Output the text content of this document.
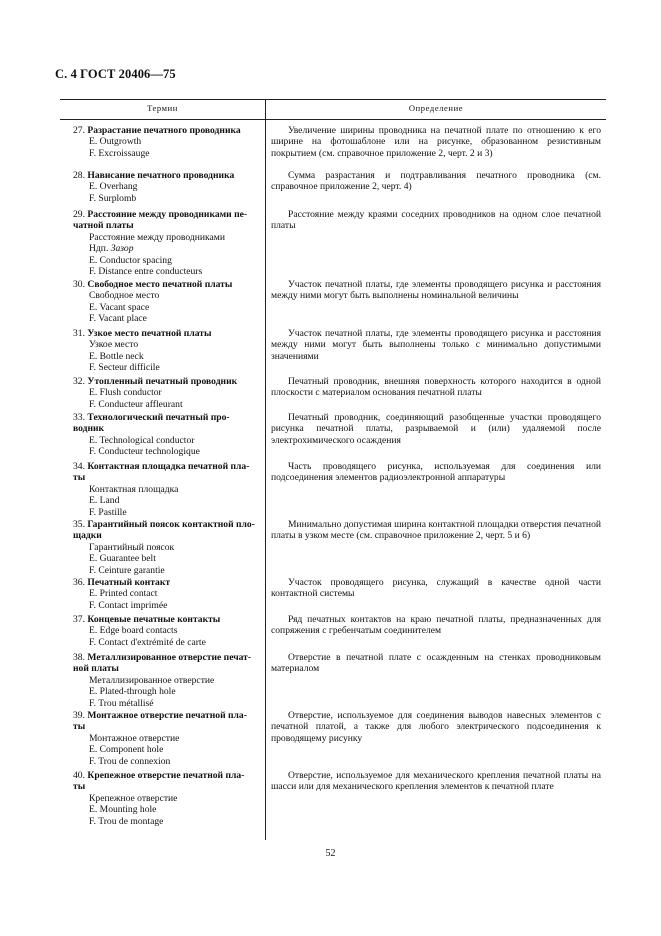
С. 4 ГОСТ 20406—75
Термин	Определение
27. Разрастание печатного проводника
E. Outgrowth
F. Excroissauge
Увеличение ширины проводника на печатной плате по отношению к его ширине на фотошаблоне или на рисунке, образованном резистивным покрытием (см. справочное приложение 2, черт. 2 и 3)
28. Нависание печатного проводника
E. Overhang
F. Surplomb
Сумма разрастания и подтравливания печатного проводника (см. справочное приложение 2, черт. 4)
29. Расстояние между проводниками пе-
чатной платы
Расстояние между проводниками
Ндп. Зазор
E. Conductor spacing
F. Distance entre conducteurs
Расстояние между краями соседних проводников на одном слое печатной платы
30. Свободное место печатной платы
Свободное место
E. Vacant space
F. Vacant place
Участок печатной платы, где элементы проводящего рисунка и расстояния между ними могут быть выполнены номинальной величины
31. Узкое место печатной платы
Узкое место
E. Bottle neck
F. Secteur difficile
Участок печатной платы, где элементы проводящего рисунка и расстояния между ними могут быть выполнены только с минимально допустимыми значениями
32. Утопленный печатный проводник
E. Flush conductor
F. Conducteur affleurant
Печатный проводник, внешняя поверхность которого находится в одной плоскости с материалом основания печатной платы
33. Технологический печатный про-
водник
E. Technological conductor
F. Conducteur technologique
Печатный проводник, соединяющий разобщенные участки проводящего рисунка печатной платы, разрываемой и (или) удаляемой после электрохимического осаждения
34. Контактная площадка печатной пла-
ты
Контактная площадка
E. Land
F. Pastille
Часть проводящего рисунка, используемая для соединения или подсоединения элементов радиоэлектронной аппаратуры
35. Гарантийный поясок контактной пло-
щадки
Гарантийный поясок
E. Guarantee belt
F. Ceinture garantie
Минимально допустимая ширина контактной площадки отверстия печатной платы в узком месте (см. справочное приложение 2, черт. 5 и 6)
36. Печатный контакт
E. Printed contact
F. Contact imprimée
Участок проводящего рисунка, служащий в качестве одной части контактной системы
37. Концевые печатные контакты
E. Edge board contacts
F. Contact d'extrémité de carte
Ряд печатных контактов на краю печатной платы, предназначенных для сопряжения с гребенчатым соединителем
38. Металлизированное отверстие печат-
ной платы
Металлизированное отверстие
E. Plated-through hole
F. Trou métallisé
Отверстие в печатной плате с осажденным на стенках проводниковым материалом
39. Монтажное отверстие печатной пла-
ты
Монтажное отверстие
E. Component hole
F. Trou de connexion
Отверстие, используемое для соединения выводов навесных элементов с печатной платой, а также для любого электрического подсоединения к проводящему рисунку
40. Крепежное отверстие печатной пла-
ты
Крепежное отверстие
E. Mounting hole
F. Trou de montage
Отверстие, используемое для механического крепления печатной платы на шасси или для механического крепления элементов к печатной плате
52
